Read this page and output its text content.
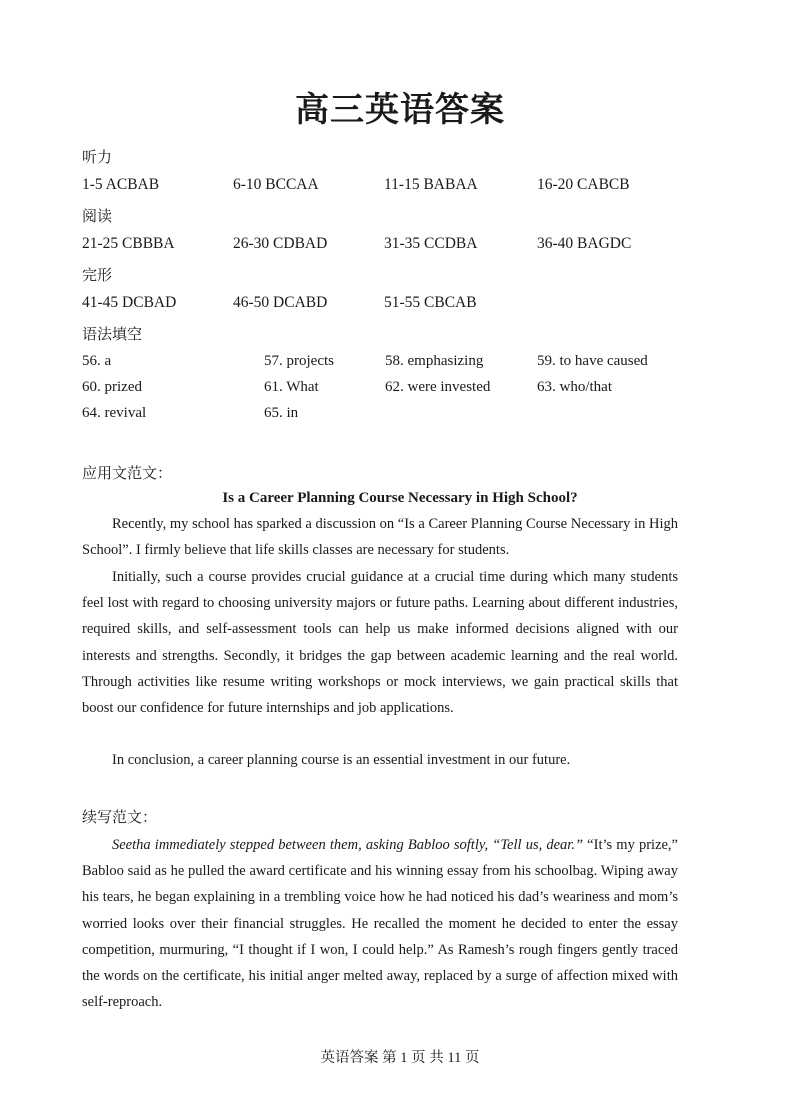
高三英语答案
听力
1-5 ACBAB	6-10 BCCAA	11-15 BABAA	16-20 CABCB
阅读
21-25 CBBBA	26-30 CDBAD	31-35 CCDBA	36-40 BAGDC
完形
41-45 DCBAD	46-50 DCABD	51-55 CBCAB
语法填空
56. a	57. projects	58. emphasizing	59. to have caused
60. prized	61. What	62. were invested	63. who/that
64. revival	65. in
应用文范文：
Is a Career Planning Course Necessary in High School?

Recently, my school has sparked a discussion on “Is a Career Planning Course Necessary in High School”. I firmly believe that life skills classes are necessary for students.

Initially, such a course provides crucial guidance at a crucial time during which many students feel lost with regard to choosing university majors or future paths. Learning about different industries, required skills, and self-assessment tools can help us make informed decisions aligned with our interests and strengths. Secondly, it bridges the gap between academic learning and the real world. Through activities like resume writing workshops or mock interviews, we gain practical skills that boost our confidence for future internships and job applications.

In conclusion, a career planning course is an essential investment in our future.

续写范文：

Seetha immediately stepped between them, asking Babloo softly, “Tell us, dear.” “It’s my prize,” Babloo said as he pulled the award certificate and his winning essay from his schoolbag. Wiping away his tears, he began explaining in a trembling voice how he had noticed his dad’s weariness and mom’s worried looks over their financial struggles. He recalled the moment he decided to enter the essay competition, murmuring, “I thought if I won, I could help.” As Ramesh’s rough fingers gently traced the words on the certificate, his initial anger melted away, replaced by a surge of affection mixed with self-reproach.

英语答案 第 1 页 共 11 页
